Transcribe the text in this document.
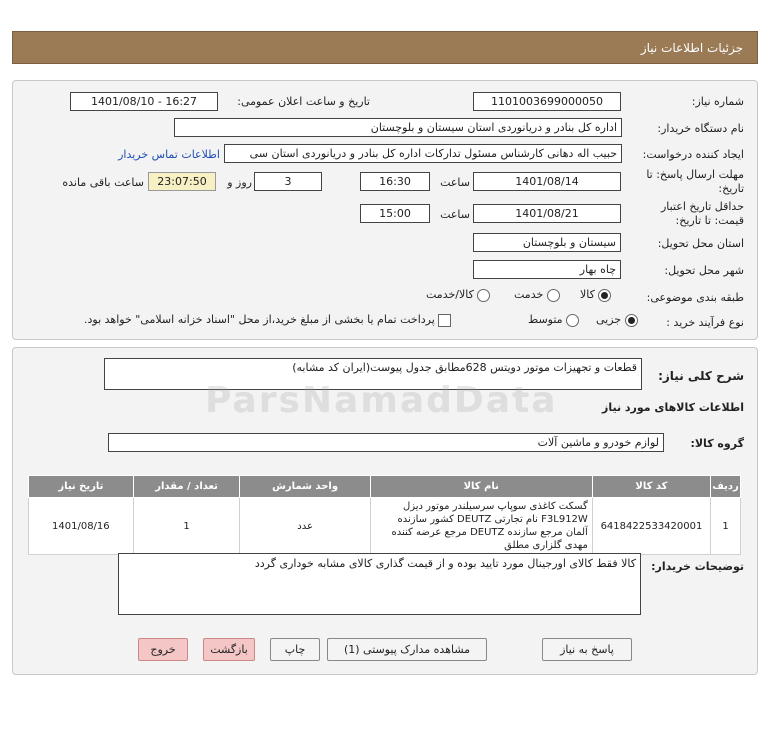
جزئیات اطلاعات نیاز
شماره نیاز:
1101003699000050
تاریخ و ساعت اعلان عمومی:
1401/08/10 - 16:27
نام دستگاه خریدار:
اداره کل بنادر و دریانوردی استان سیستان و بلوچستان
ایجاد کننده درخواست:
حبیب اله دهانی کارشناس مسئول تدارکات اداره کل بنادر و دریانوردی استان سی
اطلاعات تماس خریدار
مهلت ارسال پاسخ: تا تاریخ:
1401/08/14
ساعت
16:30
3
روز و
23:07:50
ساعت باقی مانده
حداقل تاریخ اعتبار قیمت: تا تاریخ:
1401/08/21
ساعت
15:00
استان محل تحویل:
سیستان و بلوچستان
شهر محل تحویل:
چاه بهار
طبقه بندی موضوعی:
کالا
خدمت
کالا/خدمت
نوع فرآیند خرید :
جزیی
متوسط
پرداخت تمام یا بخشی از مبلغ خرید،از محل "اسناد خزانه اسلامی" خواهد بود.
شرح کلی نیاز:
قطعات و تجهیزات موتور دویتس 628مطابق جدول پیوست(ایران کد مشابه)
اطلاعات کالاهای مورد نیاز
گروه کالا:
لوازم خودرو و ماشین آلات
ردیف	کد کالا	نام کالا	واحد شمارش	تعداد / مقدار	تاریخ نیاز
1	6418422533420001	گسکت کاغذی سوپاپ سرسیلندر موتور دیزل F3L912W نام تجارتی DEUTZ کشور سازنده آلمان مرجع سازنده DEUTZ مرجع عرضه کننده مهدی گلزاری مطلق	عدد	1	1401/08/16
توضیحات خریدار:
کالا فقط کالای اورجینال مورد تایید بوده و از قیمت گذاری کالای مشابه خوداری گردد
پاسخ به نیاز
مشاهده مدارک پیوستی (1)
چاپ
بازگشت
خروج
ParsNamadData
